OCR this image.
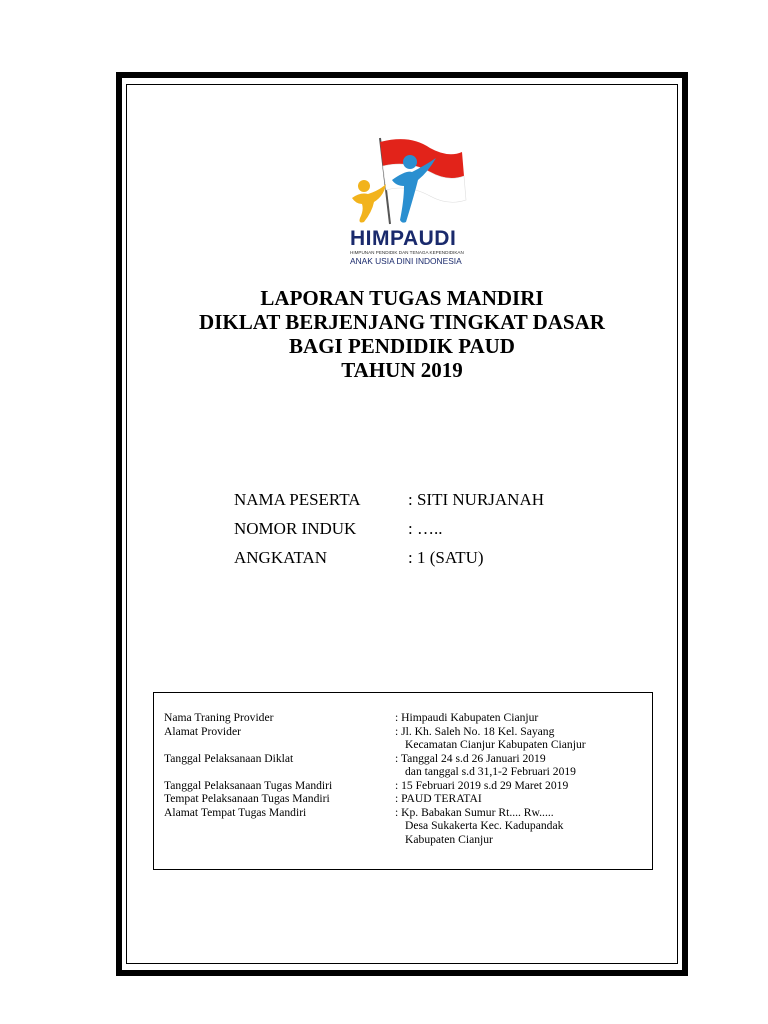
HIMPAUDI
HIMPUNAN PENDIDIK DAN TENAGA KEPENDIDIKAN
ANAK USIA DINI INDONESIA
LAPORAN TUGAS MANDIRI
DIKLAT BERJENJANG TINGKAT DASAR
BAGI PENDIDIK PAUD
TAHUN 2019
NAMA PESERTA	: SITI NURJANAH
NOMOR INDUK	: …..
ANGKATAN	: 1 (SATU)
Nama Traning Provider	: Himpaudi Kabupaten Cianjur
Alamat Provider	: Jl. Kh. Saleh No. 18 Kel. Sayang
Kecamatan Cianjur Kabupaten Cianjur
Tanggal Pelaksanaan Diklat	: Tanggal 24 s.d 26 Januari 2019
dan tanggal s.d 31,1-2 Februari 2019
Tanggal Pelaksanaan Tugas Mandiri	: 15 Februari 2019 s.d 29 Maret 2019
Tempat Pelaksanaan Tugas Mandiri	: PAUD TERATAI
Alamat Tempat Tugas Mandiri	: Kp. Babakan Sumur Rt.... Rw.....
Desa Sukakerta Kec. Kadupandak
Kabupaten Cianjur
